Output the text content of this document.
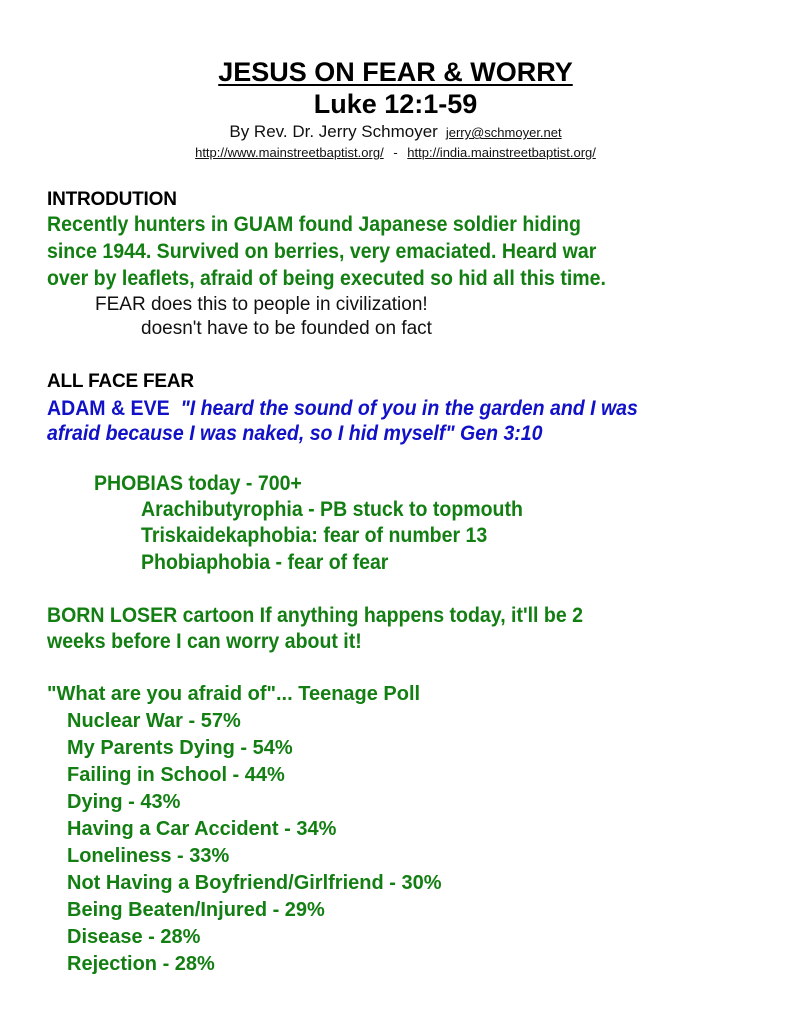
JESUS ON FEAR & WORRY
Luke 12:1-59
By Rev. Dr. Jerry Schmoyer jerry@schmoyer.net
http://www.mainstreetbaptist.org/ - http://india.mainstreetbaptist.org/
INTRODUTION
Recently hunters in GUAM found Japanese soldier hiding
since 1944. Survived on berries, very emaciated. Heard war
over by leaflets, afraid of being executed so hid all this time.
FEAR does this to people in civilization!
doesn't have to be founded on fact
ALL FACE FEAR
ADAM & EVE  "I heard the sound of you in the garden and I was
afraid because I was naked, so I hid myself" Gen 3:10
PHOBIAS today - 700+
Arachibutyrophia - PB stuck to topmouth
Triskaidekaphobia: fear of number 13
Phobiaphobia - fear of fear
BORN LOSER cartoon If anything happens today, it'll be 2
weeks before I can worry about it!
"What are you afraid of"... Teenage Poll
Nuclear War - 57%
My Parents Dying - 54%
Failing in School - 44%
Dying - 43%
Having a Car Accident - 34%
Loneliness - 33%
Not Having a Boyfriend/Girlfriend - 30%
Being Beaten/Injured - 29%
Disease - 28%
Rejection - 28%
